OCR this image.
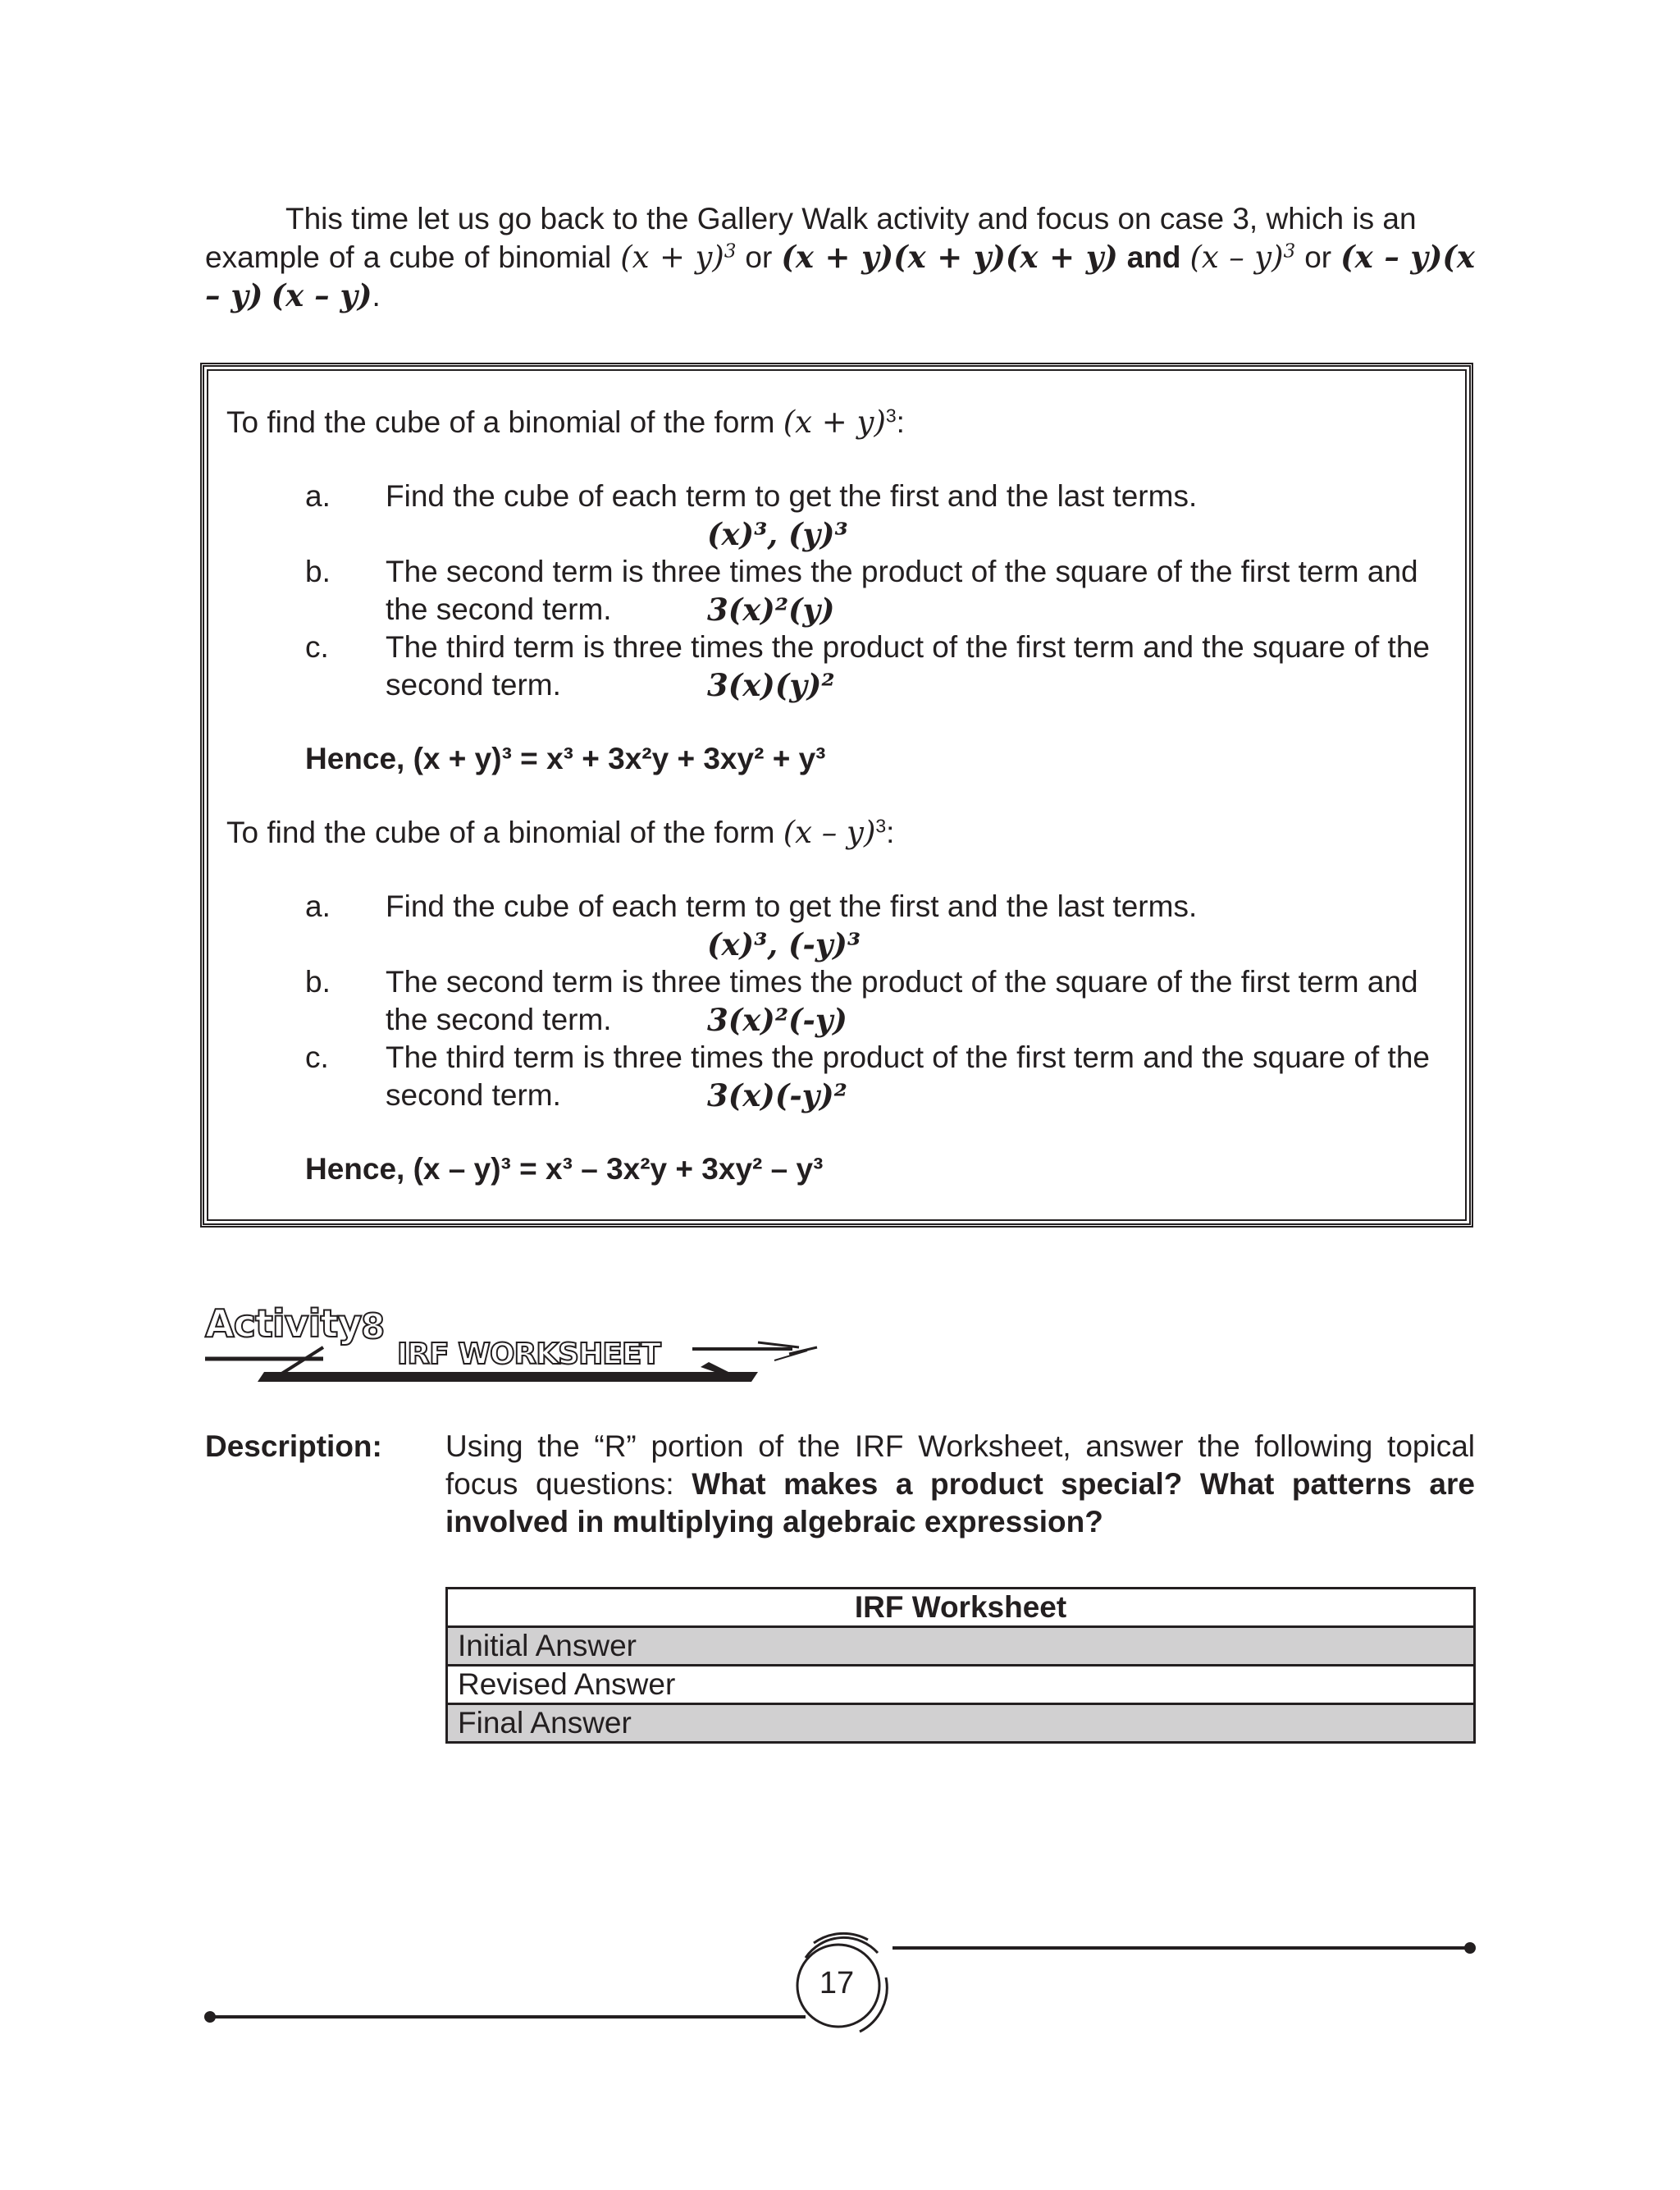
This time let us go back to the Gallery Walk activity and focus on case 3, which is an
example of a cube of binomial $(x + y)^3$ or (x + y)(x + y)(x + y) and (x – y)$^3$ or (x – y)(x – y) (x – y).
To find the cube of a binomial of the form $(x + y)^3$:
a. Find the cube of each term to get the first and the last terms.
(x)³, (y)³
b. The second term is three times the product of the square of the first term and
the second term.	3(x)²(y)
c. The third term is three times the product of the first term and the square of the
second term.	3(x)(y)²
Hence, (x + y)³ = x³ + 3x²y + 3xy² + y³
To find the cube of a binomial of the form (x – y)$^3$:
a. Find the cube of each term to get the first and the last terms.
(x)³, (-y)³
b. The second term is three times the product of the square of the first term and
the second term.	3(x)²(-y)
c. The third term is three times the product of the first term and the square of the
second term.	3(x)(-y)²
Hence, (x – y)³ = x³ – 3x²y + 3xy² – y³
Activity 8
IRF WORKSHEET
Description: Using the “R” portion of the IRF Worksheet, answer the following topical focus questions: What makes a product special? What patterns are involved in multiplying algebraic expression?
IRF Worksheet
Initial Answer
Revised Answer
Final Answer
17
